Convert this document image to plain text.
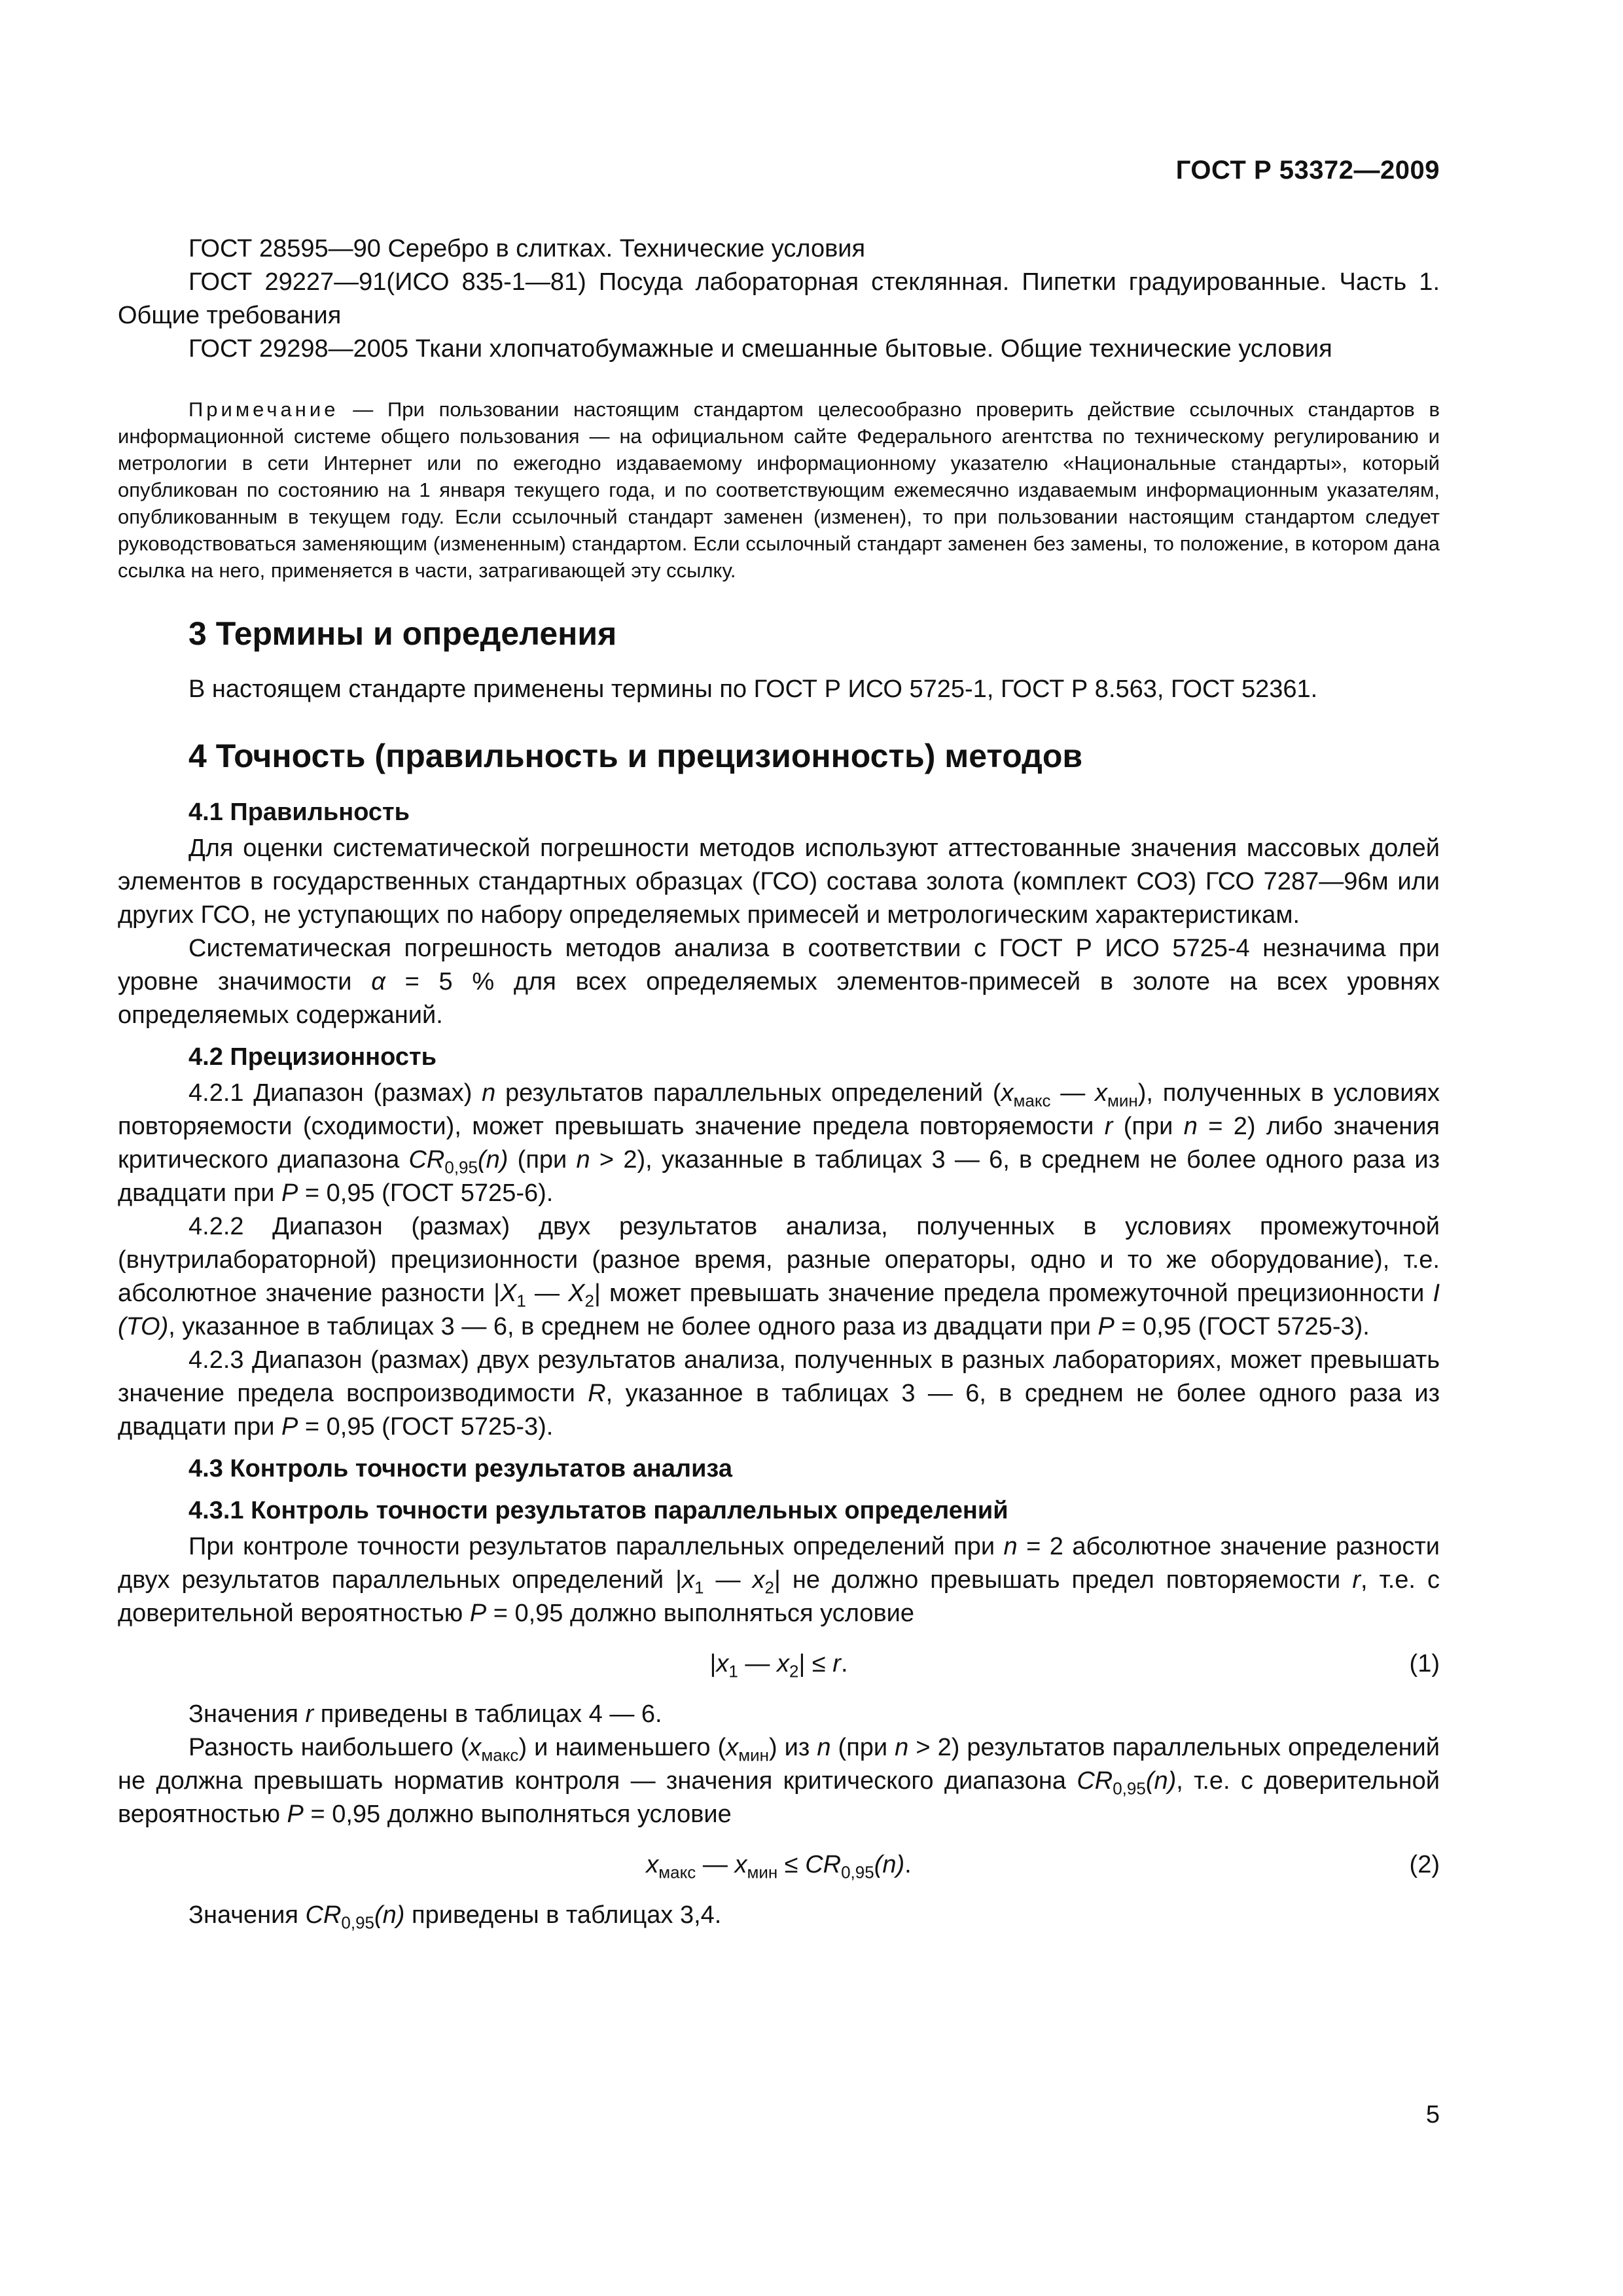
ГОСТ Р 53372—2009

ГОСТ 28595—90 Серебро в слитках. Технические условия

ГОСТ 29227—91(ИСО 835-1—81) Посуда лабораторная стеклянная. Пипетки градуированные. Часть 1. Общие требования

ГОСТ 29298—2005 Ткани хлопчатобумажные и смешанные бытовые. Общие технические условия

Примечание — При пользовании настоящим стандартом целесообразно проверить действие ссылочных стандартов в информационной системе общего пользования — на официальном сайте Федерального агентства по техническому регулированию и метрологии в сети Интернет или по ежегодно издаваемому информационному указателю «Национальные стандарты», который опубликован по состоянию на 1 января текущего года, и по соответствующим ежемесячно издаваемым информационным указателям, опубликованным в текущем году. Если ссылочный стандарт заменен (изменен), то при пользовании настоящим стандартом следует руководствоваться заменяющим (измененным) стандартом. Если ссылочный стандарт заменен без замены, то положение, в котором дана ссылка на него, применяется в части, затрагивающей эту ссылку.

3 Термины и определения

В настоящем стандарте применены термины по ГОСТ Р ИСО 5725-1, ГОСТ Р 8.563, ГОСТ 52361.

4 Точность (правильность и прецизионность) методов
4.1 Правильность

Для оценки систематической погрешности методов используют аттестованные значения массовых долей элементов в государственных стандартных образцах (ГСО) состава золота (комплект СОЗ) ГСО 7287—96м или других ГСО, не уступающих по набору определяемых примесей и метрологическим характеристикам.

Систематическая погрешность методов анализа в соответствии с ГОСТ Р ИСО 5725-4 незначима при уровне значимости α = 5 % для всех определяемых элементов-примесей в золоте на всех уровнях определяемых содержаний.

4.2 Прецизионность

4.2.1 Диапазон (размах) n результатов параллельных определений ($x_{макс}$ — $x_{мин}$), полученных в условиях повторяемости (сходимости), может превышать значение предела повторяемости r (при n = 2) либо значения критического диапазона $CR_{0,95}(n)$ (при n > 2), указанные в таблицах 3 — 6, в среднем не более одного раза из двадцати при P = 0,95 (ГОСТ 5725-6).

4.2.2 Диапазон (размах) двух результатов анализа, полученных в условиях промежуточной (внутрилабораторной) прецизионности (разное время, разные операторы, одно и то же оборудование), т.е. абсолютное значение разности $|X_1$ — $X_2|$ может превышать значение предела промежуточной прецизионности I (ТО), указанное в таблицах 3 — 6, в среднем не более одного раза из двадцати при P = 0,95 (ГОСТ 5725-3).

4.2.3 Диапазон (размах) двух результатов анализа, полученных в разных лабораториях, может превышать значение предела воспроизводимости R, указанное в таблицах 3 — 6, в среднем не более одного раза из двадцати при P = 0,95 (ГОСТ 5725-3).

4.3 Контроль точности результатов анализа
4.3.1 Контроль точности результатов параллельных определений

При контроле точности результатов параллельных определений при n = 2 абсолютное значение разности двух результатов параллельных определений $|x_1$ — $x_2|$ не должно превышать предел повторяемости r, т.е. с доверительной вероятностью P = 0,95 должно выполняться условие

$|x_1$ — $x_2| \le r$.	(1)

Значения r приведены в таблицах 4 — 6.

Разность наибольшего $(x_{макс})$ и наименьшего $(x_{мин})$ из n (при n > 2) результатов параллельных определений не должна превышать норматив контроля — значения критического диапазона $CR_{0,95}(n)$, т.е. с доверительной вероятностью P = 0,95 должно выполняться условие

$x_{макс}$ — $x_{мин} \le CR_{0,95}(n)$.	(2)

Значения $CR_{0,95}(n)$ приведены в таблицах 3,4.

5
